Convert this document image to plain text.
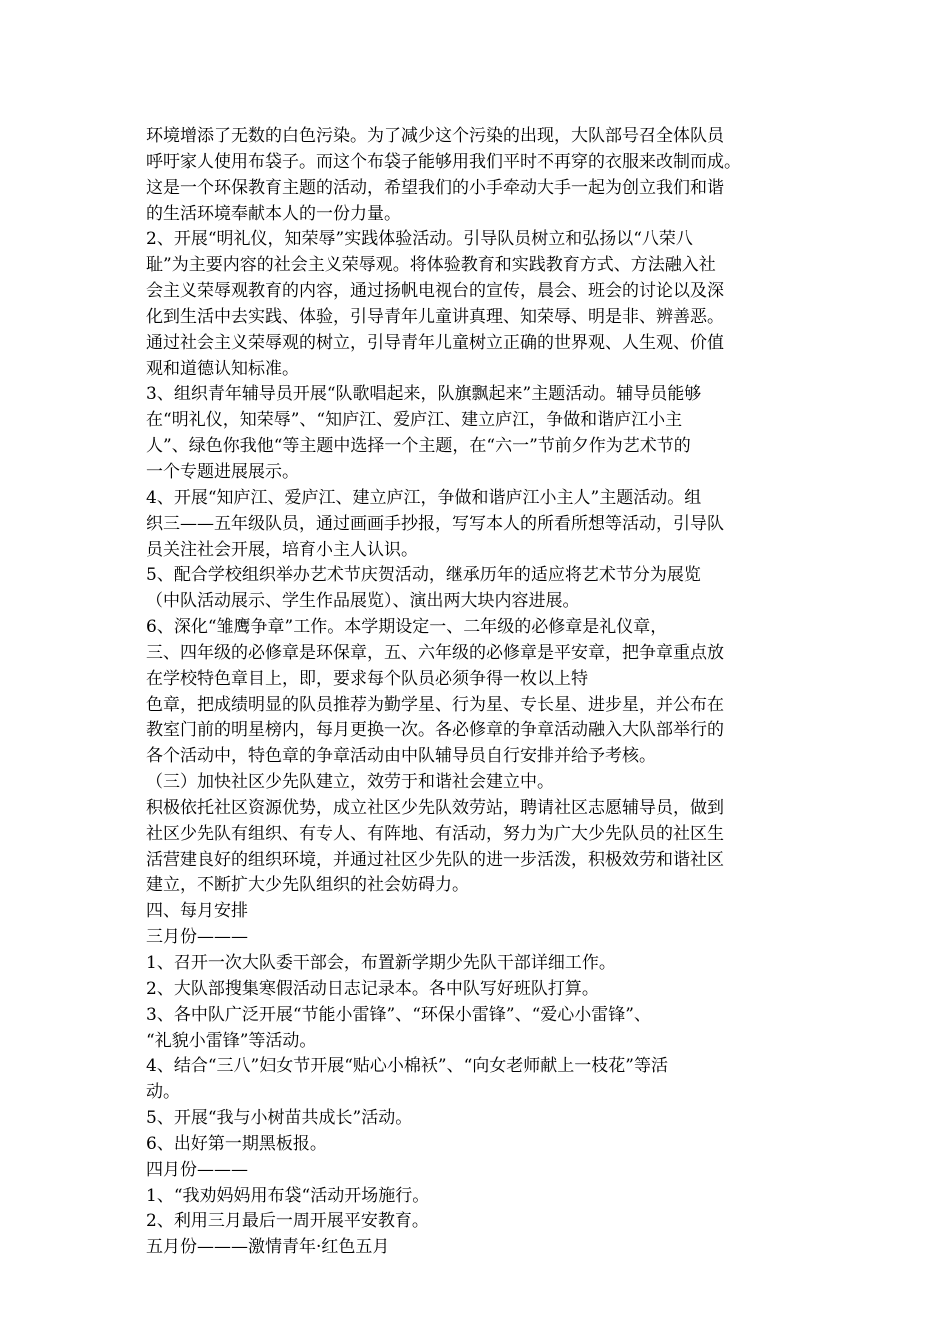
环境增添了无数的白色污染。为了减少这个污染的出现，大队部号召全体队员
呼吁家人使用布袋子。而这个布袋子能够用我们平时不再穿的衣服来改制而成。
这是一个环保教育主题的活动，希望我们的小手牵动大手一起为创立我们和谐
的生活环境奉献本人的一份力量。
2、开展“明礼仪，知荣辱”实践体验活动。引导队员树立和弘扬以“八荣八
耻”为主要内容的社会主义荣辱观。将体验教育和实践教育方式、方法融入社
会主义荣辱观教育的内容，通过扬帆电视台的宣传，晨会、班会的讨论以及深
化到生活中去实践、体验，引导青年儿童讲真理、知荣辱、明是非、辨善恶。
通过社会主义荣辱观的树立，引导青年儿童树立正确的世界观、人生观、价值
观和道德认知标准。
3、组织青年辅导员开展“队歌唱起来，队旗飘起来”主题活动。辅导员能够
在“明礼仪，知荣辱”、“知庐江、爱庐江、建立庐江，争做和谐庐江小主
人”、绿色你我他“等主题中选择一个主题，在“六一”节前夕作为艺术节的
一个专题进展展示。
4、开展“知庐江、爱庐江、建立庐江，争做和谐庐江小主人”主题活动。组
织三——五年级队员，通过画画手抄报，写写本人的所看所想等活动，引导队
员关注社会开展，培育小主人认识。
5、配合学校组织举办艺术节庆贺活动，继承历年的适应将艺术节分为展览
（中队活动展示、学生作品展览）、演出两大块内容进展。
6、深化“雏鹰争章”工作。本学期设定一、二年级的必修章是礼仪章，
三、四年级的必修章是环保章，五、六年级的必修章是平安章，把争章重点放
在学校特色章目上，即，要求每个队员必须争得一枚以上特
色章，把成绩明显的队员推荐为勤学星、行为星、专长星、进步星，并公布在
教室门前的明星榜内，每月更换一次。各必修章的争章活动融入大队部举行的
各个活动中，特色章的争章活动由中队辅导员自行安排并给予考核。
（三）加快社区少先队建立，效劳于和谐社会建立中。
积极依托社区资源优势，成立社区少先队效劳站，聘请社区志愿辅导员，做到
社区少先队有组织、有专人、有阵地、有活动，努力为广大少先队员的社区生
活营建良好的组织环境，并通过社区少先队的进一步活泼，积极效劳和谐社区
建立，不断扩大少先队组织的社会妨碍力。
四、每月安排
三月份———
1、召开一次大队委干部会，布置新学期少先队干部详细工作。
2、大队部搜集寒假活动日志记录本。各中队写好班队打算。
3、各中队广泛开展“节能小雷锋”、“环保小雷锋”、“爱心小雷锋”、
“礼貌小雷锋”等活动。
4、结合“三八”妇女节开展“贴心小棉袄”、“向女老师献上一枝花”等活
动。
5、开展“我与小树苗共成长”活动。
6、出好第一期黑板报。
四月份———
1、“我劝妈妈用布袋“活动开场施行。
2、利用三月最后一周开展平安教育。
五月份———激情青年·红色五月
